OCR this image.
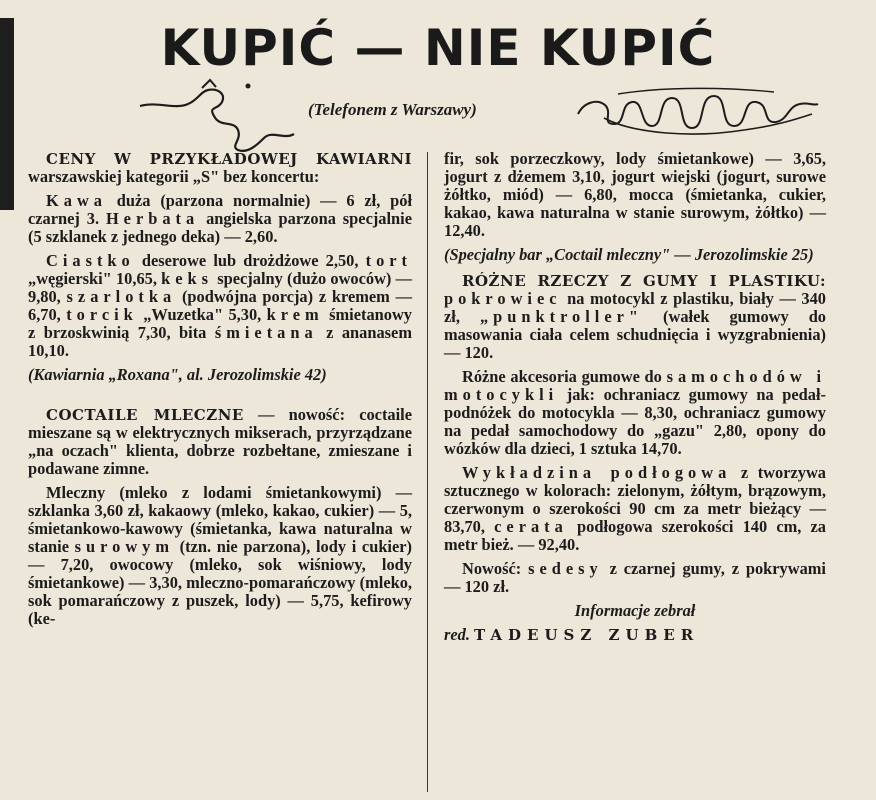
KUPIĆ — NIE KUPIĆ
(Telefonem z Warszawy)

CENY W PRZYKŁADOWEJ KAWIARNI warszawskiej kategorii „S" bez koncertu:

Kawa duża (parzona normalnie) — 6 zł, pół czarnej 3. Herbata angielska parzona specjalnie (5 szklanek z jednego deka) — 2,60.

Ciastko deserowe lub drożdżowe 2,50, tort „węgierski" 10,65, keks specjalny (dużo owoców) — 9,80, szarlotka (podwójna porcja) z kremem — 6,70, torcik „Wuzetka" 5,30, krem śmietanowy z brzoskwinią 7,30, bita śmietana z ananasem 10,10.

(Kawiarnia „Roxana", al. Jerozolimskie 42)

COCTAILE MLECZNE — nowość: coctaile mieszane są w elektrycznych mikserach, przyrządzane „na oczach" klienta, dobrze rozbełtane, zmieszane i podawane zimne.

Mleczny (mleko z lodami śmietankowymi) — szklanka 3,60 zł, kakaowy (mleko, kakao, cukier) — 5, śmietankowo-kawowy (śmietanka, kawa naturalna w stanie surowym (tzn. nie parzona), lody i cukier) — 7,20, owocowy (mleko, sok wiśniowy, lody śmietankowe) — 3,30, mleczno-pomarańczowy (mleko, sok pomarańczowy z puszek, lody) — 5,75, kefirowy (ke-

fir, sok porzeczkowy, lody śmietankowe) — 3,65, jogurt z dżemem 3,10, jogurt wiejski (jogurt, surowe żółtko, miód) — 6,80, mocca (śmietanka, cukier, kakao, kawa naturalna w stanie surowym, żółtko) — 12,40.

(Specjalny bar „Coctail mleczny" — Jerozolimskie 25)

RÓŻNE RZECZY Z GUMY I PLASTIKU: pokrowiec na motocykl z plastiku, biały — 340 zł, „punktroller" (wałek gumowy do masowania ciała celem schudnięcia i wyzgrabnienia) — 120.

Różne akcesoria gumowe do samochodów i motocykli jak: ochraniacz gumowy na pedał-podnóżek do motocykla — 8,30, ochraniacz gumowy na pedał samochodowy do „gazu" 2,80, opony do wózków dla dzieci, 1 sztuka 14,70.

Wykładzina podłogowa z tworzywa sztucznego w kolorach: zielonym, żółtym, brązowym, czerwonym o szerokości 90 cm za metr bieżący — 83,70, cerata podłogowa szerokości 140 cm, za metr bież. — 92,40.

Nowość: sedesy z czarnej gumy, z pokrywami — 120 zł.

Informacje zebrał

red. TADEUSZ ZUBER
